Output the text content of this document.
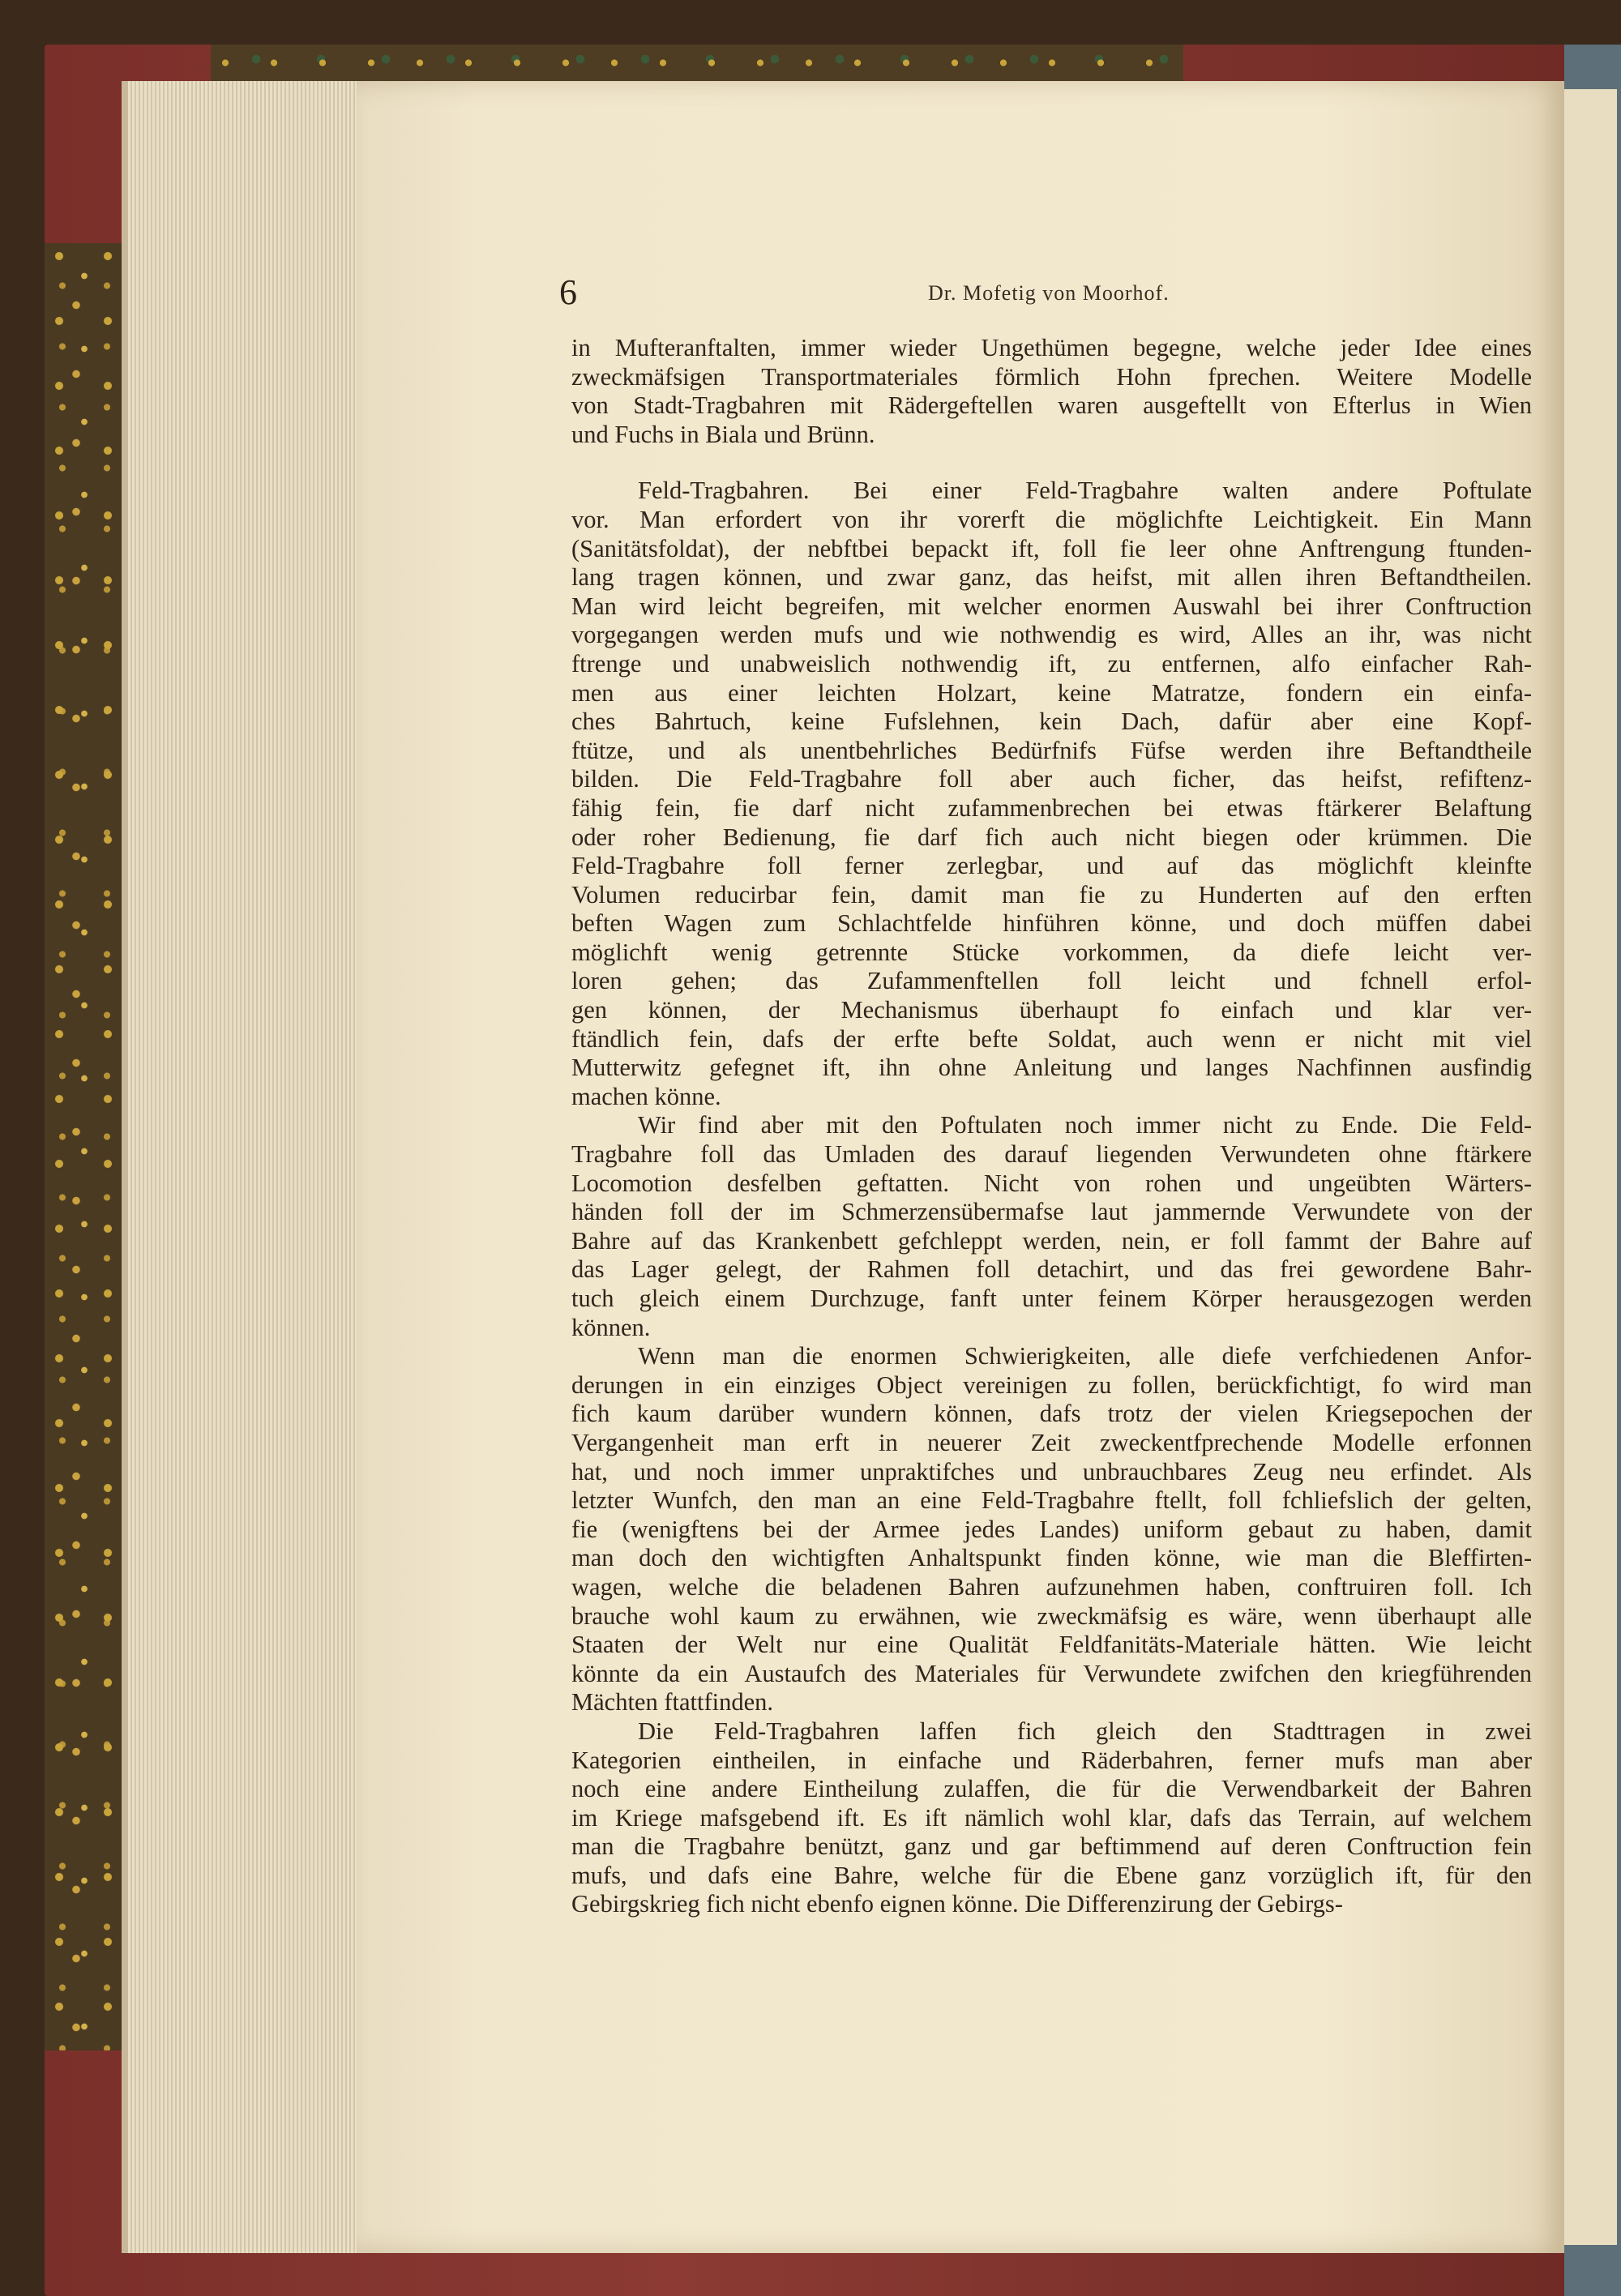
6	Dr. Mofetig von Moorhof.

in Mufteranftalten, immer wieder Ungethümen begegne, welche jeder Idee eines
zweckmäfsigen Transportmateriales förmlich Hohn fprechen. Weitere Modelle
von Stadt-Tragbahren mit Rädergeftellen waren ausgeftellt von Efterlus in Wien
und Fuchs in Biala und Brünn.

Feld-Tragbahren. Bei einer Feld-Tragbahre walten andere Poftulate
vor. Man erfordert von ihr vorerft die möglichfte Leichtigkeit. Ein Mann
(Sanitätsfoldat), der nebftbei bepackt ift, foll fie leer ohne Anftrengung ftunden-
lang tragen können, und zwar ganz, das heifst, mit allen ihren Beftandtheilen.
Man wird leicht begreifen, mit welcher enormen Auswahl bei ihrer Conftruction
vorgegangen werden mufs und wie nothwendig es wird, Alles an ihr, was nicht
ftrenge und unabweislich nothwendig ift, zu entfernen, alfo einfacher Rah-
men aus einer leichten Holzart, keine Matratze, fondern ein einfa-
ches Bahrtuch, keine Fufslehnen, kein Dach, dafür aber eine Kopf-
ftütze, und als unentbehrliches Bedürfnifs Füfse werden ihre Beftandtheile
bilden. Die Feld-Tragbahre foll aber auch ficher, das heifst, refiftenz-
fähig fein, fie darf nicht zufammenbrechen bei etwas ftärkerer Belaftung
oder roher Bedienung, fie darf fich auch nicht biegen oder krümmen. Die
Feld-Tragbahre foll ferner zerlegbar, und auf das möglichft kleinfte
Volumen reducirbar fein, damit man fie zu Hunderten auf den erften
beften Wagen zum Schlachtfelde hinführen könne, und doch müffen dabei
möglichft wenig getrennte Stücke vorkommen, da diefe leicht ver-
loren gehen; das Zufammenftellen foll leicht und fchnell erfol-
gen können, der Mechanismus überhaupt fo einfach und klar ver-
ftändlich fein, dafs der erfte befte Soldat, auch wenn er nicht mit viel
Mutterwitz gefegnet ift, ihn ohne Anleitung und langes Nachfinnen ausfindig
machen könne.

Wir find aber mit den Poftulaten noch immer nicht zu Ende. Die Feld-
Tragbahre foll das Umladen des darauf liegenden Verwundeten ohne ftärkere
Locomotion desfelben geftatten. Nicht von rohen und ungeübten Wärters-
händen foll der im Schmerzensübermafse laut jammernde Verwundete von der
Bahre auf das Krankenbett gefchleppt werden, nein, er foll fammt der Bahre auf
das Lager gelegt, der Rahmen foll detachirt, und das frei gewordene Bahr-
tuch gleich einem Durchzuge, fanft unter feinem Körper herausgezogen werden
können.

Wenn man die enormen Schwierigkeiten, alle diefe verfchiedenen Anfor-
derungen in ein einziges Object vereinigen zu follen, berückfichtigt, fo wird man
fich kaum darüber wundern können, dafs trotz der vielen Kriegsepochen der
Vergangenheit man erft in neuerer Zeit zweckentfprechende Modelle erfonnen
hat, und noch immer unpraktifches und unbrauchbares Zeug neu erfindet. Als
letzter Wunfch, den man an eine Feld-Tragbahre ftellt, foll fchliefslich der gelten,
fie (wenigftens bei der Armee jedes Landes) uniform gebaut zu haben, damit
man doch den wichtigften Anhaltspunkt finden könne, wie man die Bleffirten-
wagen, welche die beladenen Bahren aufzunehmen haben, conftruiren foll. Ich
brauche wohl kaum zu erwähnen, wie zweckmäfsig es wäre, wenn überhaupt alle
Staaten der Welt nur eine Qualität Feldfanitäts-Materiale hätten. Wie leicht
könnte da ein Austaufch des Materiales für Verwundete zwifchen den kriegführenden
Mächten ftattfinden.

Die Feld-Tragbahren laffen fich gleich den Stadttragen in zwei
Kategorien eintheilen, in einfache und Räderbahren, ferner mufs man aber
noch eine andere Eintheilung zulaffen, die für die Verwendbarkeit der Bahren
im Kriege mafsgebend ift. Es ift nämlich wohl klar, dafs das Terrain, auf welchem
man die Tragbahre benützt, ganz und gar beftimmend auf deren Conftruction fein
mufs, und dafs eine Bahre, welche für die Ebene ganz vorzüglich ift, für den
Gebirgskrieg fich nicht ebenfo eignen könne. Die Differenzirung der Gebirgs-
